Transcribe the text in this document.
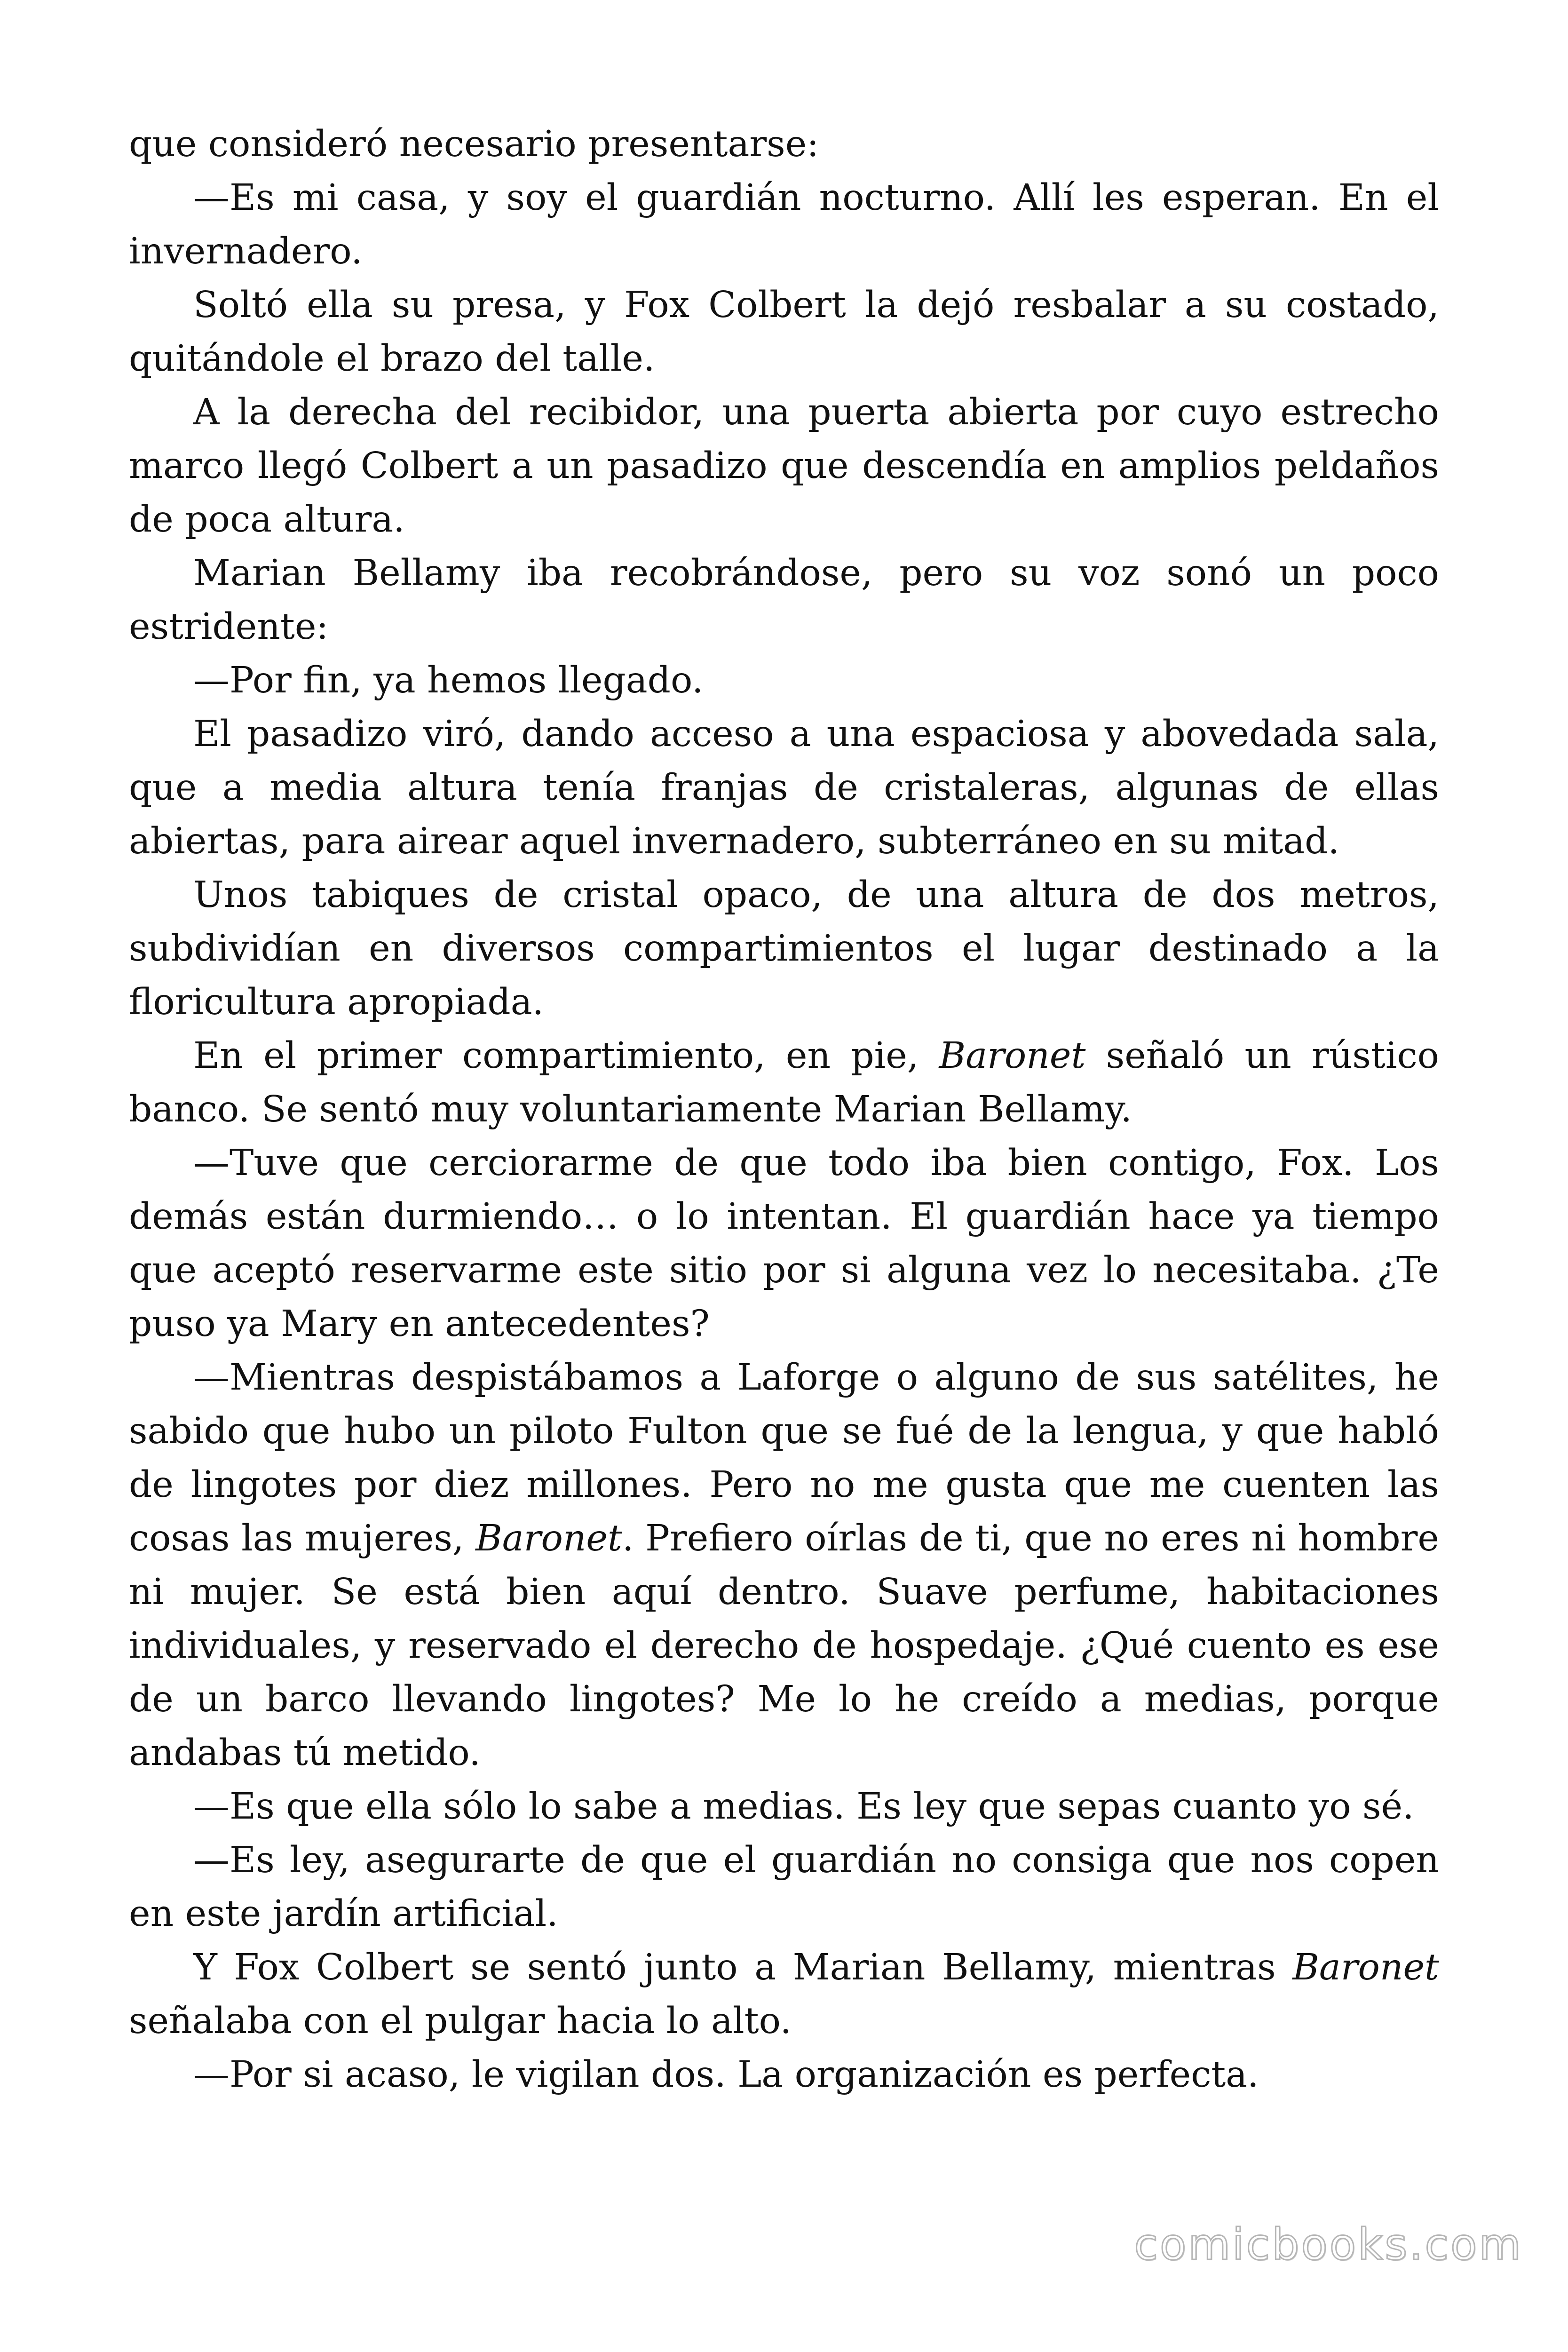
que consideró necesario presentarse:

—Es mi casa, y soy el guardián nocturno. Allí les esperan. En el invernadero.

Soltó ella su presa, y Fox Colbert la dejó resbalar a su costado, quitándole el brazo del talle.

A la derecha del recibidor, una puerta abierta por cuyo estrecho marco llegó Colbert a un pasadizo que descendía en amplios peldaños de poca altura.

Marian Bellamy iba recobrándose, pero su voz sonó un poco estridente:

—Por fin, ya hemos llegado.

El pasadizo viró, dando acceso a una espaciosa y abovedada sala, que a media altura tenía franjas de cristaleras, algunas de ellas abiertas, para airear aquel invernadero, subterráneo en su mitad.

Unos tabiques de cristal opaco, de una altura de dos metros, subdividían en diversos compartimientos el lugar destinado a la floricultura apropiada.

En el primer compartimiento, en pie, Baronet señaló un rústico banco. Se sentó muy voluntariamente Marian Bellamy.

—Tuve que cerciorarme de que todo iba bien contigo, Fox. Los demás están durmiendo… o lo intentan. El guardián hace ya tiempo que aceptó reservarme este sitio por si alguna vez lo necesitaba. ¿Te puso ya Mary en antecedentes?

—Mientras despistábamos a Laforge o alguno de sus satélites, he sabido que hubo un piloto Fulton que se fué de la lengua, y que habló de lingotes por diez millones. Pero no me gusta que me cuenten las cosas las mujeres, Baronet. Prefiero oírlas de ti, que no eres ni hombre ni mujer. Se está bien aquí dentro. Suave perfume, habitaciones individuales, y reservado el derecho de hospedaje. ¿Qué cuento es ese de un barco llevando lingotes? Me lo he creído a medias, porque andabas tú metido.

—Es que ella sólo lo sabe a medias. Es ley que sepas cuanto yo sé.

—Es ley, asegurarte de que el guardián no consiga que nos copen en este jardín artificial.

Y Fox Colbert se sentó junto a Marian Bellamy, mientras Baronet señalaba con el pulgar hacia lo alto.

—Por si acaso, le vigilan dos. La organización es perfecta.

comicbooks.com
